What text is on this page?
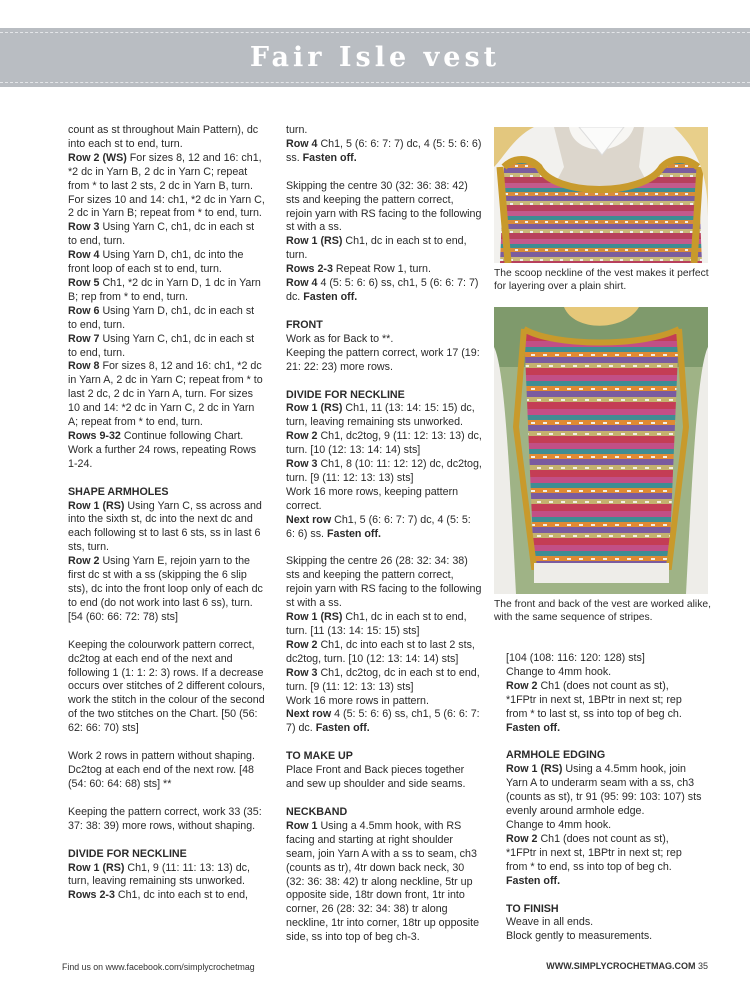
Fair Isle vest

count as st throughout Main Pattern), dc into each st to end, turn.

Row 2 (WS) For sizes 8, 12 and 16: ch1, *2 dc in Yarn B, 2 dc in Yarn C; repeat from * to last 2 sts, 2 dc in Yarn B, turn. For sizes 10 and 14: ch1, *2 dc in Yarn C, 2 dc in Yarn B; repeat from * to end, turn.

Row 3 Using Yarn C, ch1, dc in each st to end, turn.

Row 4 Using Yarn D, ch1, dc into the front loop of each st to end, turn.

Row 5 Ch1, *2 dc in Yarn D, 1 dc in Yarn B; rep from * to end, turn.

Row 6 Using Yarn D, ch1, dc in each st to end, turn.

Row 7 Using Yarn C, ch1, dc in each st to end, turn.

Row 8 For sizes 8, 12 and 16: ch1, *2 dc in Yarn A, 2 dc in Yarn C; repeat from * to last 2 dc, 2 dc in Yarn A, turn. For sizes 10 and 14: *2 dc in Yarn C, 2 dc in Yarn A; repeat from * to end, turn.

Rows 9-32 Continue following Chart. Work a further 24 rows, repeating Rows 1-24.

SHAPE ARMHOLES

Row 1 (RS) Using Yarn C, ss across and into the sixth st, dc into the next dc and each following st to last 6 sts, ss in last 6 sts, turn.

Row 2 Using Yarn E, rejoin yarn to the first dc st with a ss (skipping the 6 slip sts), dc into the front loop only of each dc to end (do not work into last 6 ss), turn. [54 (60: 66: 72: 78) sts]

Keeping the colourwork pattern correct, dc2tog at each end of the next and following 1 (1: 1: 2: 3) rows. If a decrease occurs over stitches of 2 different colours, work the stitch in the colour of the second of the two stitches on the Chart. [50 (56: 62: 66: 70) sts]

Work 2 rows in pattern without shaping.

Dc2tog at each end of the next row. [48 (54: 60: 64: 68) sts] **

Keeping the pattern correct, work 33 (35: 37: 38: 39) more rows, without shaping.

DIVIDE FOR NECKLINE

Row 1 (RS) Ch1, 9 (11: 11: 13: 13) dc, turn, leaving remaining sts unworked.

Rows 2-3 Ch1, dc into each st to end,

turn.

Row 4 Ch1, 5 (6: 6: 7: 7) dc, 4 (5: 5: 6: 6) ss. Fasten off.

Skipping the centre 30 (32: 36: 38: 42) sts and keeping the pattern correct, rejoin yarn with RS facing to the following st with a ss.

Row 1 (RS) Ch1, dc in each st to end, turn.

Rows 2-3 Repeat Row 1, turn.

Row 4 4 (5: 5: 6: 6) ss, ch1, 5 (6: 6: 7: 7) dc. Fasten off.

FRONT

Work as for Back to **.

Keeping the pattern correct, work 17 (19: 21: 22: 23) more rows.

DIVIDE FOR NECKLINE

Row 1 (RS) Ch1, 11 (13: 14: 15: 15) dc, turn, leaving remaining sts unworked.

Row 2 Ch1, dc2tog, 9 (11: 12: 13: 13) dc, turn. [10 (12: 13: 14: 14) sts]

Row 3 Ch1, 8 (10: 11: 12: 12) dc, dc2tog, turn. [9 (11: 12: 13: 13) sts]

Work 16 more rows, keeping pattern correct.

Next row Ch1, 5 (6: 6: 7: 7) dc, 4 (5: 5: 6: 6) ss. Fasten off.

Skipping the centre 26 (28: 32: 34: 38) sts and keeping the pattern correct, rejoin yarn with RS facing to the following st with a ss.

Row 1 (RS) Ch1, dc in each st to end, turn. [11 (13: 14: 15: 15) sts]

Row 2 Ch1, dc into each st to last 2 sts, dc2tog, turn. [10 (12: 13: 14: 14) sts]

Row 3 Ch1, dc2tog, dc in each st to end, turn. [9 (11: 12: 13: 13) sts]

Work 16 more rows in pattern.

Next row 4 (5: 5: 6: 6) ss, ch1, 5 (6: 6: 7: 7) dc. Fasten off.

TO MAKE UP

Place Front and Back pieces together and sew up shoulder and side seams.

NECKBAND

Row 1 Using a 4.5mm hook, with RS facing and starting at right shoulder seam, join Yarn A with a ss to seam, ch3 (counts as tr), 4tr down back neck, 30 (32: 36: 38: 42) tr along neckline, 5tr up opposite side, 18tr down front, 1tr into corner, 26 (28: 32: 34: 38) tr along neckline, 1tr into corner, 18tr up opposite side, ss into top of beg ch-3.

The scoop neckline of the vest makes it perfect for layering over a plain shirt.
The front and back of the vest are worked alike, with the same sequence of stripes.

[104 (108: 116: 120: 128) sts]

Change to 4mm hook.

Row 2 Ch1 (does not count as st), *1FPtr in next st, 1BPtr in next st; rep from * to last st, ss into top of beg ch.

Fasten off.

ARMHOLE EDGING

Row 1 (RS) Using a 4.5mm hook, join Yarn A to underarm seam with a ss, ch3 (counts as st), tr 91 (95: 99: 103: 107) sts evenly around armhole edge.

Change to 4mm hook.

Row 2 Ch1 (does not count as st), *1FPtr in next st, 1BPtr in next st; rep from * to end, ss into top of beg ch.

Fasten off.

TO FINISH

Weave in all ends.

Block gently to measurements.

Find us on www.facebook.com/simplycrochetmag	WWW.SIMPLYCROCHETMAG.COM 35
